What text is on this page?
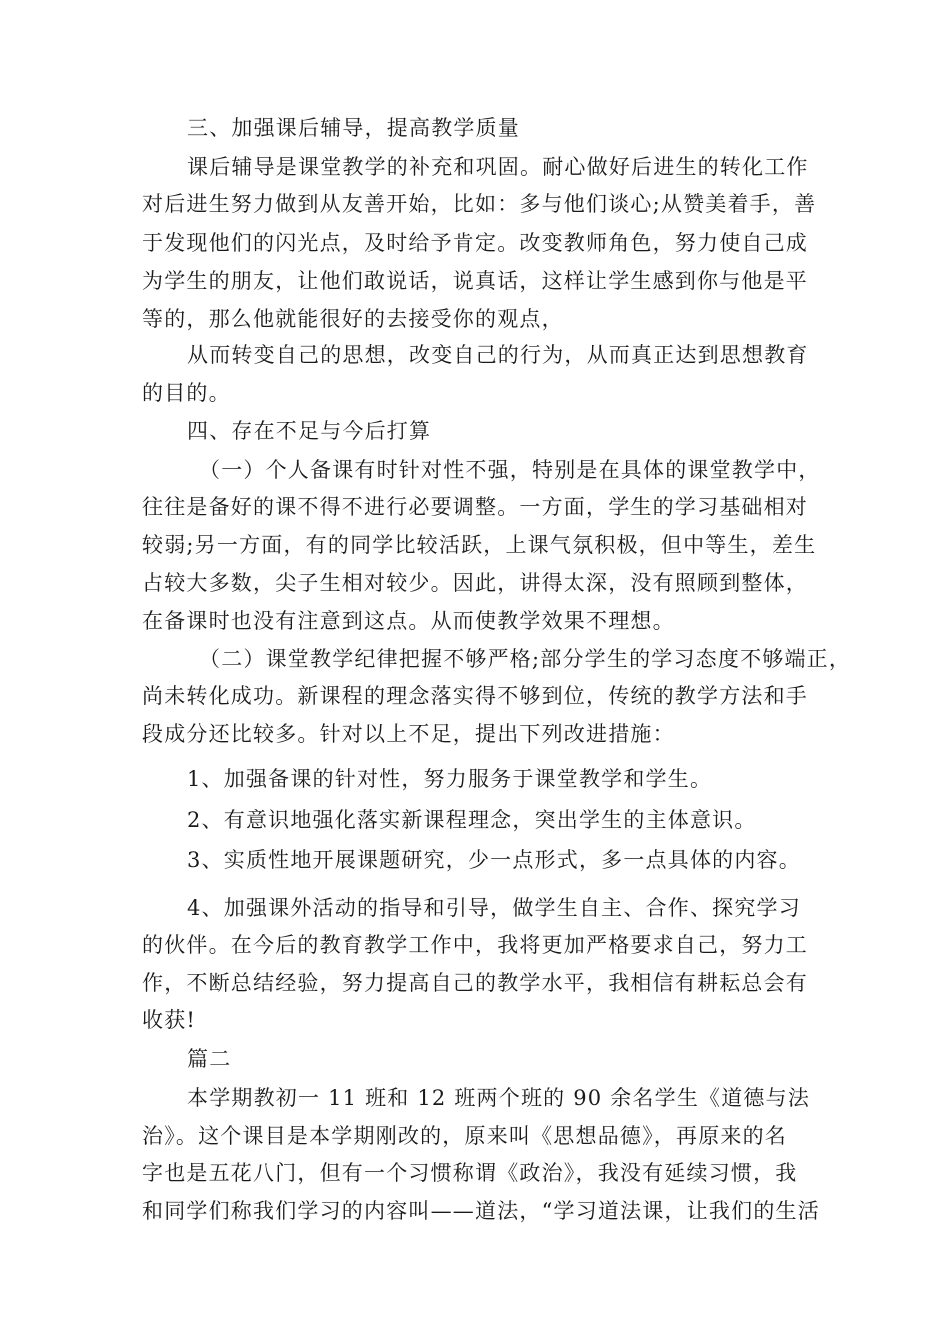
三、加强课后辅导，提高教学质量

课后辅导是课堂教学的补充和巩固。耐心做好后进生的转化工作

对后进生努力做到从友善开始，比如：多与他们谈心;从赞美着手，善

于发现他们的闪光点，及时给予肯定。改变教师角色，努力使自己成

为学生的朋友，让他们敢说话，说真话，这样让学生感到你与他是平

等的，那么他就能很好的去接受你的观点，

从而转变自己的思想，改变自己的行为，从而真正达到思想教育

的目的。

四、存在不足与今后打算

（一）个人备课有时针对性不强，特别是在具体的课堂教学中，

往往是备好的课不得不进行必要调整。一方面，学生的学习基础相对

较弱;另一方面，有的同学比较活跃，上课气氛积极，但中等生，差生

占较大多数，尖子生相对较少。因此，讲得太深，没有照顾到整体，

在备课时也没有注意到这点。从而使教学效果不理想。

（二）课堂教学纪律把握不够严格;部分学生的学习态度不够端正，

尚未转化成功。新课程的理念落实得不够到位，传统的教学方法和手

段成分还比较多。针对以上不足，提出下列改进措施：

1、加强备课的针对性，努力服务于课堂教学和学生。

2、有意识地强化落实新课程理念，突出学生的主体意识。

3、实质性地开展课题研究，少一点形式，多一点具体的内容。

4、加强课外活动的指导和引导，做学生自主、合作、探究学习

的伙伴。在今后的教育教学工作中，我将更加严格要求自己，努力工

作，不断总结经验，努力提高自己的教学水平，我相信有耕耘总会有

收获!

篇二

本学期教初一 11 班和 12 班两个班的 90 余名学生《道德与法

治》。这个课目是本学期刚改的，原来叫《思想品德》，再原来的名

字也是五花八门，但有一个习惯称谓《政治》，我没有延续习惯，我

和同学们称我们学习的内容叫——道法，“学习道法课，让我们的生活
